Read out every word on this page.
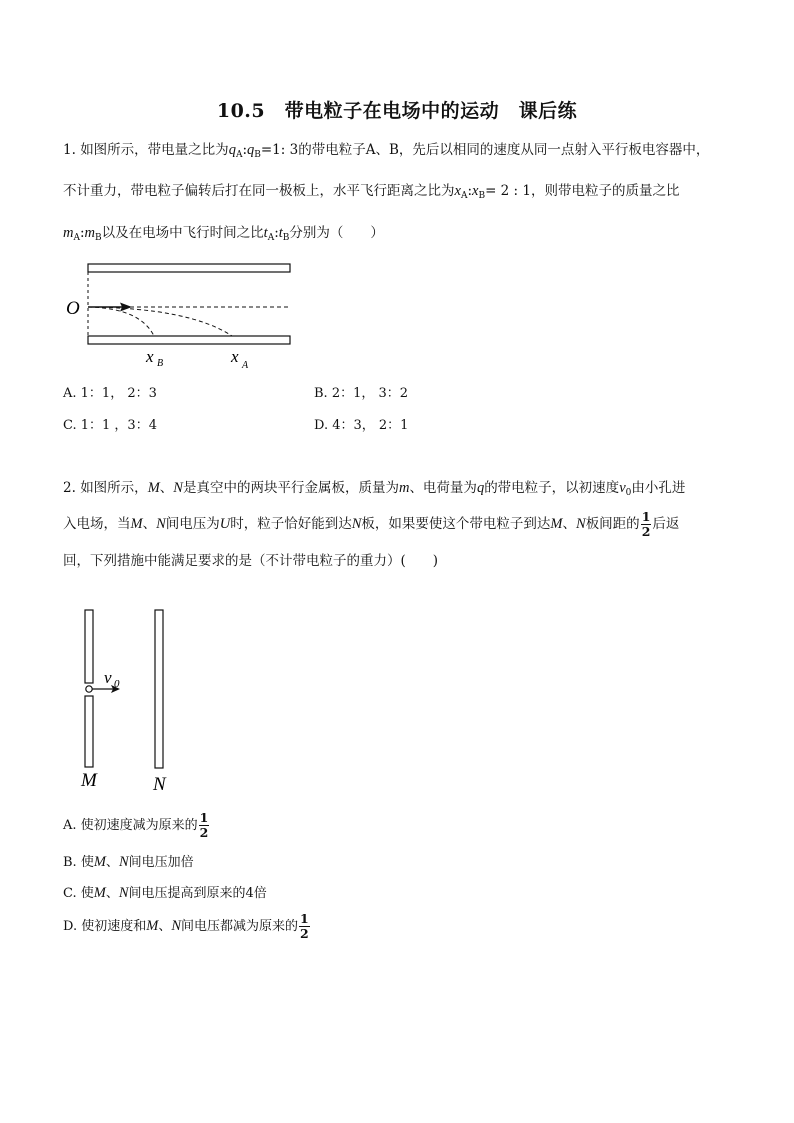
10.5　带电粒子在电场中的运动　课后练
1. 如图所示，带电量之比为$q_A:q_B=1$: 3的带电粒子A、B，先后以相同的速度从同一点射入平行板电容器中，
不计重力，带电粒子偏转后打在同一极板上，水平飞行距离之比为$x_A:x_B= 2$ : 1，则带电粒子的质量之比
$m_A:m_B$以及在电场中飞行时间之比$t_A:t_B$分别为（　　）
O
x B	x A
A. 1：1， 2：3	B. 2：1， 3：2
C. 1：1 ，3：4	D. 4：3， 2：1
2. 如图所示，M、N是真空中的两块平行金属板，质量为m、电荷量为q的带电粒子，以初速度$v_0$由小孔进
入电场，当M、N间电压为U时，粒子恰好能到达N板，如果要使这个带电粒子到达M、N板间距的 $\frac{1}{2}$ 后返
回，下列措施中能满足要求的是（不计带电粒子的重力）(　　)
v 0
M	N
A. 使初速度减为原来的 $\frac{1}{2}$
B. 使M、N间电压加倍
C. 使M、N间电压提高到原来的4倍
D. 使初速度和M、N间电压都减为原来的 $\frac{1}{2}$
